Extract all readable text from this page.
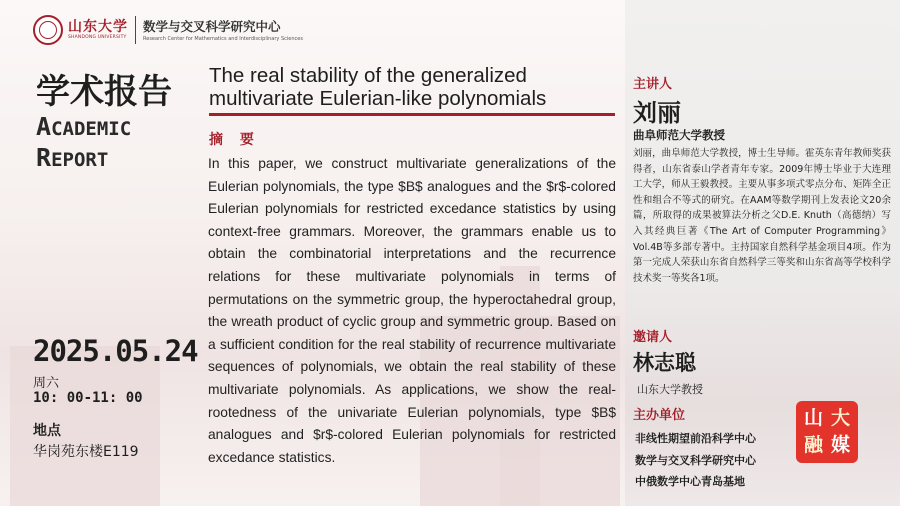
山东大学
SHANDONG UNIVERSITY
数学与交叉科学研究中心
Research Center for Mathematics and Interdisciplinary Sciences
学术报告
ACADEMIC
REPORT
2025.05.24
周六
10: 00-11: 00
地点
华岗苑东楼E119
The real stability of the generalized multivariate Eulerian-like polynomials
摘 要
In this paper, we construct multivariate generalizations of the Eulerian polynomials, the type $B$ analogues and the $r$-colored Eulerian polynomials for restricted excedance statistics by using context-free grammars. Moreover, the grammars enable us to obtain the combinatorial interpretations and the recurrence relations for these multivariate polynomials in terms of permutations on the symmetric group, the hyperoctahedral group, the wreath product of cyclic group and symmetric group. Based on a sufficient condition for the real stability of recurrence multivariate sequences of polynomials, we obtain the real stability of these multivariate polynomials. As applications, we show the real-rootedness of the univariate Eulerian polynomials, type $B$ analogues and $r$-colored Eulerian polynomials for restricted excedance statistics.
主讲人
刘丽
曲阜师范大学教授
刘丽，曲阜师范大学教授，博士生导师。霍英东青年教师奖获得者，山东省泰山学者青年专家。2009年博士毕业于大连理工大学，师从王毅教授。主要从事多项式零点分布、矩阵全正性和组合不等式的研究。在AAM等数学期刊上发表论文20余篇，所取得的成果被算法分析之父D.E. Knuth（高德纳）写入其经典巨著《The Art of Computer Programming》Vol.4B等多部专著中。主持国家自然科学基金项目4项。作为第一完成人荣获山东省自然科学三等奖和山东省高等学校科学技术奖一等奖各1项。
邀请人
林志聪
山东大学教授
主办单位
非线性期望前沿科学中心
数学与交叉科学研究中心
中俄数学中心青岛基地
山 大
融 媒
